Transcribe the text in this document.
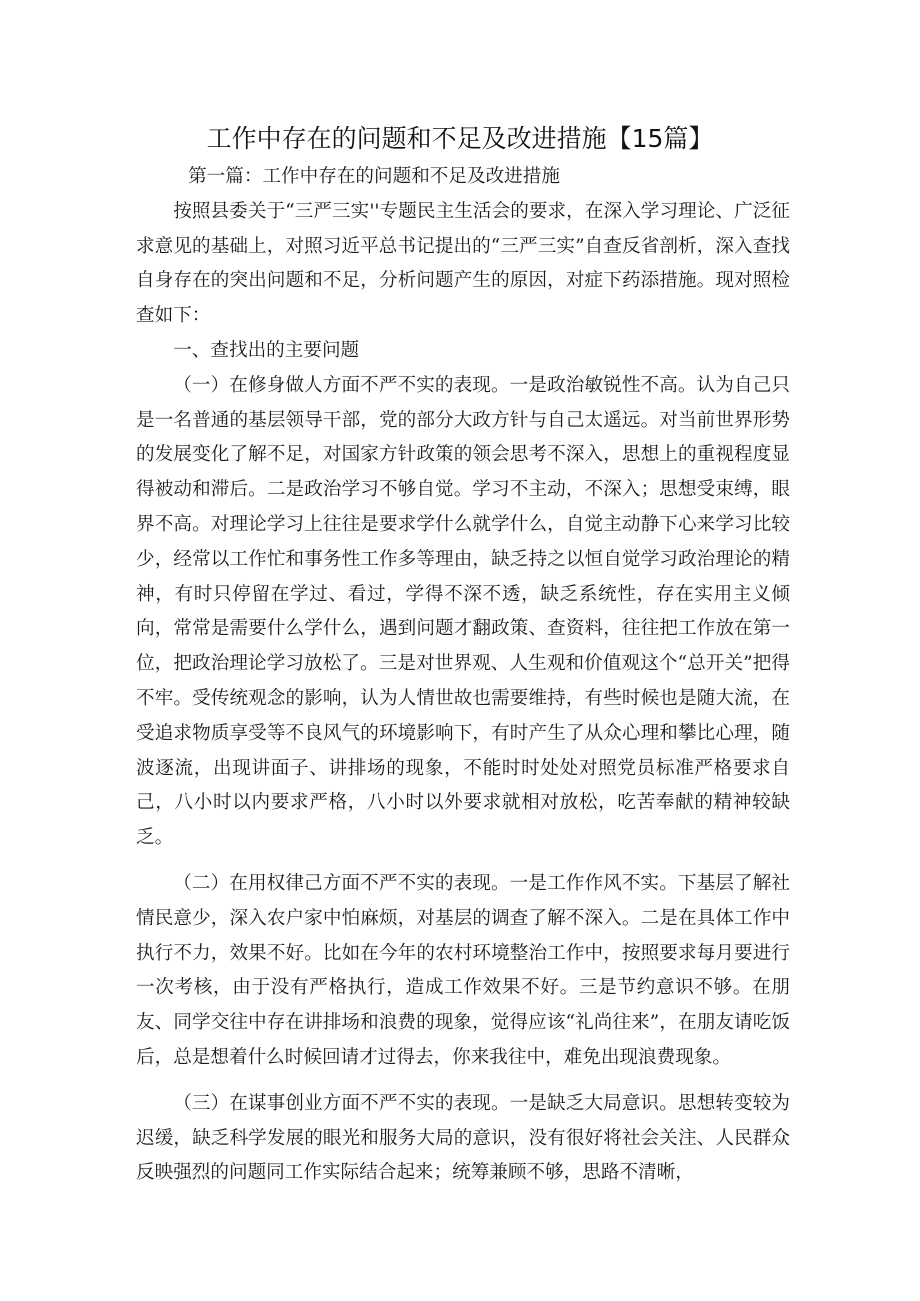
工作中存在的问题和不足及改进措施【15篇】

第一篇：工作中存在的问题和不足及改进措施

按照县委关于“三严三实''专题民主生活会的要求，在深入学习理论、广泛征求意见的基础上，对照习近平总书记提出的“三严三实”自查反省剖析，深入查找自身存在的突出问题和不足，分析问题产生的原因，对症下药添措施。现对照检查如下：

一、查找出的主要问题

（一）在修身做人方面不严不实的表现。一是政治敏锐性不高。认为自己只是一名普通的基层领导干部，党的部分大政方针与自己太遥远。对当前世界形势的发展变化了解不足，对国家方针政策的领会思考不深入，思想上的重视程度显得被动和滞后。二是政治学习不够自觉。学习不主动，不深入；思想受束缚，眼界不高。对理论学习上往往是要求学什么就学什么，自觉主动静下心来学习比较少，经常以工作忙和事务性工作多等理由，缺乏持之以恒自觉学习政治理论的精神，有时只停留在学过、看过，学得不深不透，缺乏系统性，存在实用主义倾向，常常是需要什么学什么，遇到问题才翻政策、查资料，往往把工作放在第一位，把政治理论学习放松了。三是对世界观、人生观和价值观这个“总开关”把得不牢。受传统观念的影响，认为人情世故也需要维持，有些时候也是随大流，在受追求物质享受等不良风气的环境影响下，有时产生了从众心理和攀比心理，随波逐流，出现讲面子、讲排场的现象，不能时时处处对照党员标准严格要求自己，八小时以内要求严格，八小时以外要求就相对放松，吃苦奉献的精神较缺乏。

（二）在用权律己方面不严不实的表现。一是工作作风不实。下基层了解社情民意少，深入农户家中怕麻烦，对基层的调查了解不深入。二是在具体工作中执行不力，效果不好。比如在今年的农村环境整治工作中，按照要求每月要进行一次考核，由于没有严格执行，造成工作效果不好。三是节约意识不够。在朋友、同学交往中存在讲排场和浪费的现象，觉得应该“礼尚往来”，在朋友请吃饭后，总是想着什么时候回请才过得去，你来我往中，难免出现浪费现象。

（三）在谋事创业方面不严不实的表现。一是缺乏大局意识。思想转变较为迟缓，缺乏科学发展的眼光和服务大局的意识，没有很好将社会关注、人民群众反映强烈的问题同工作实际结合起来；统筹兼顾不够，思路不清晰，
